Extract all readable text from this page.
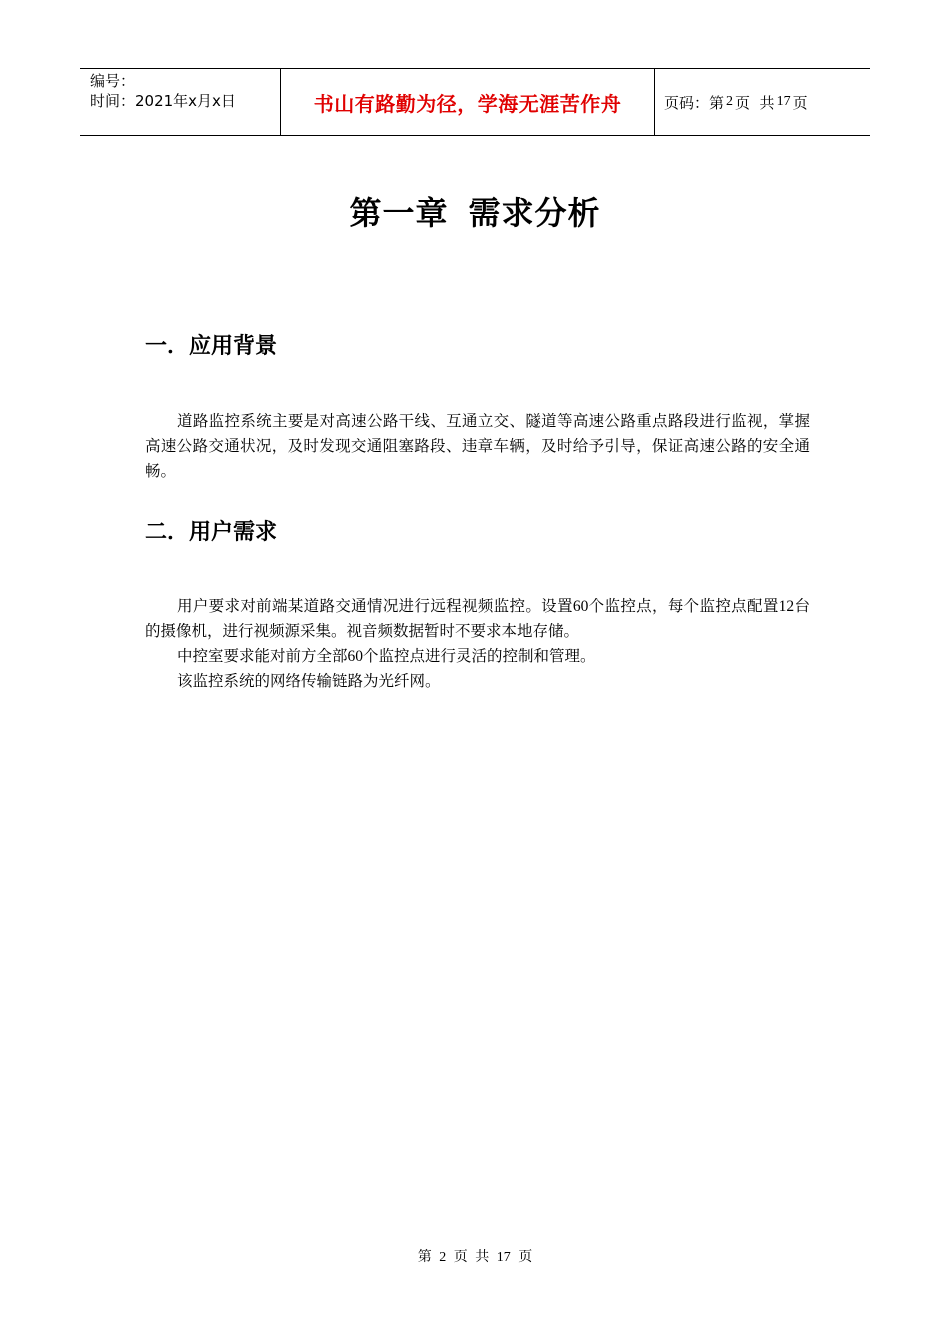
编号：
时间：2021年x月x日	书山有路勤为径，学海无涯苦作舟	页码：第 2 页  共 17 页
第一章 需求分析
一．应用背景

道路监控系统主要是对高速公路干线、互通立交、隧道等高速公路重点路段进行监视，掌握高速公路交通状况，及时发现交通阻塞路段、违章车辆，及时给予引导，保证高速公路的安全通畅。

二．用户需求

用户要求对前端某道路交通情况进行远程视频监控。设置60个监控点，每个监控点配置12台的摄像机，进行视频源采集。视音频数据暂时不要求本地存储。

中控室要求能对前方全部60个监控点进行灵活的控制和管理。

该监控系统的网络传输链路为光纤网。

第 2 页 共 17 页
